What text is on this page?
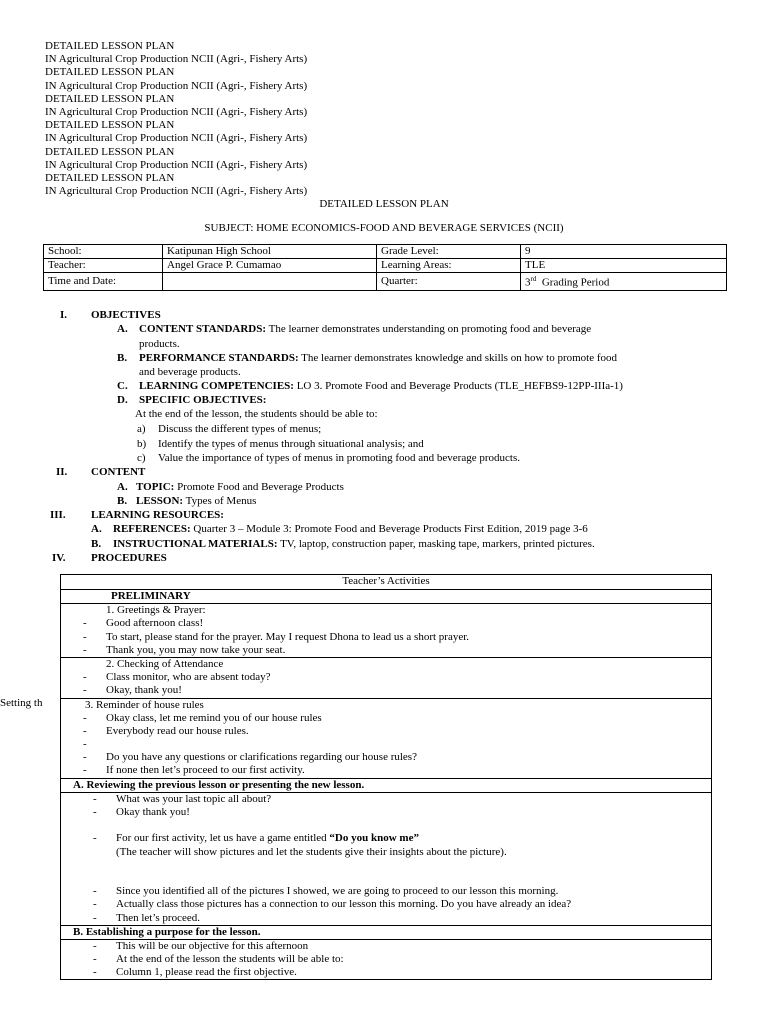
DETAILED LESSON PLAN
IN Agricultural Crop Production NCII (Agri-, Fishery Arts)
DETAILED LESSON PLAN
IN Agricultural Crop Production NCII (Agri-, Fishery Arts)
DETAILED LESSON PLAN
IN Agricultural Crop Production NCII (Agri-, Fishery Arts)
DETAILED LESSON PLAN
IN Agricultural Crop Production NCII (Agri-, Fishery Arts)
DETAILED LESSON PLAN
IN Agricultural Crop Production NCII (Agri-, Fishery Arts)
DETAILED LESSON PLAN
IN Agricultural Crop Production NCII (Agri-, Fishery Arts)
DETAILED LESSON PLAN
SUBJECT: HOME ECONOMICS-FOOD AND BEVERAGE SERVICES (NCII)
School:	Katipunan High School	Grade Level:	9
Teacher:	Angel Grace P. Cumamao	Learning Areas:	TLE
Time and Date:		Quarter:	3rd Grading Period
I. OBJECTIVES
A. CONTENT STANDARDS: The learner demonstrates understanding on promoting food and beverage
products.
B. PERFORMANCE STANDARDS: The learner demonstrates knowledge and skills on how to promote food
and beverage products.
C. LEARNING COMPETENCIES: LO 3. Promote Food and Beverage Products (TLE_HEFBS9-12PP-IIIa-1)
D. SPECIFIC OBJECTIVES:
At the end of the lesson, the students should be able to:
a) Discuss the different types of menus;
b) Identify the types of menus through situational analysis; and
c) Value the importance of types of menus in promoting food and beverage products.
II. CONTENT
A. TOPIC: Promote Food and Beverage Products
B. LESSON: Types of Menus
III. LEARNING RESOURCES:
A. REFERENCES: Quarter 3 – Module 3: Promote Food and Beverage Products First Edition, 2019 page 3-6
B. INSTRUCTIONAL MATERIALS: TV, laptop, construction paper, masking tape, markers, printed pictures.
IV. PROCEDURES
Setting th
Teacher’s Activities
PRELIMINARY
1. Greetings & Prayer:
- Good afternoon class!
- To start, please stand for the prayer. May I request Dhona to lead us a short prayer.
- Thank you, you may now take your seat.
2. Checking of Attendance
- Class monitor, who are absent today?
- Okay, thank you!
3. Reminder of house rules
- Okay class, let me remind you of our house rules
- Everybody read our house rules.
-
- Do you have any questions or clarifications regarding our house rules?
- If none then let’s proceed to our first activity.
A. Reviewing the previous lesson or presenting the new lesson.
- What was your last topic all about?
- Okay thank you!
- For our first activity, let us have a game entitled “Do you know me”
(The teacher will show pictures and let the students give their insights about the picture).
- Since you identified all of the pictures I showed, we are going to proceed to our lesson this morning.
- Actually class those pictures has a connection to our lesson this morning. Do you have already an idea?
- Then let’s proceed.
B. Establishing a purpose for the lesson.
- This will be our objective for this afternoon
- At the end of the lesson the students will be able to:
- Column 1, please read the first objective.
